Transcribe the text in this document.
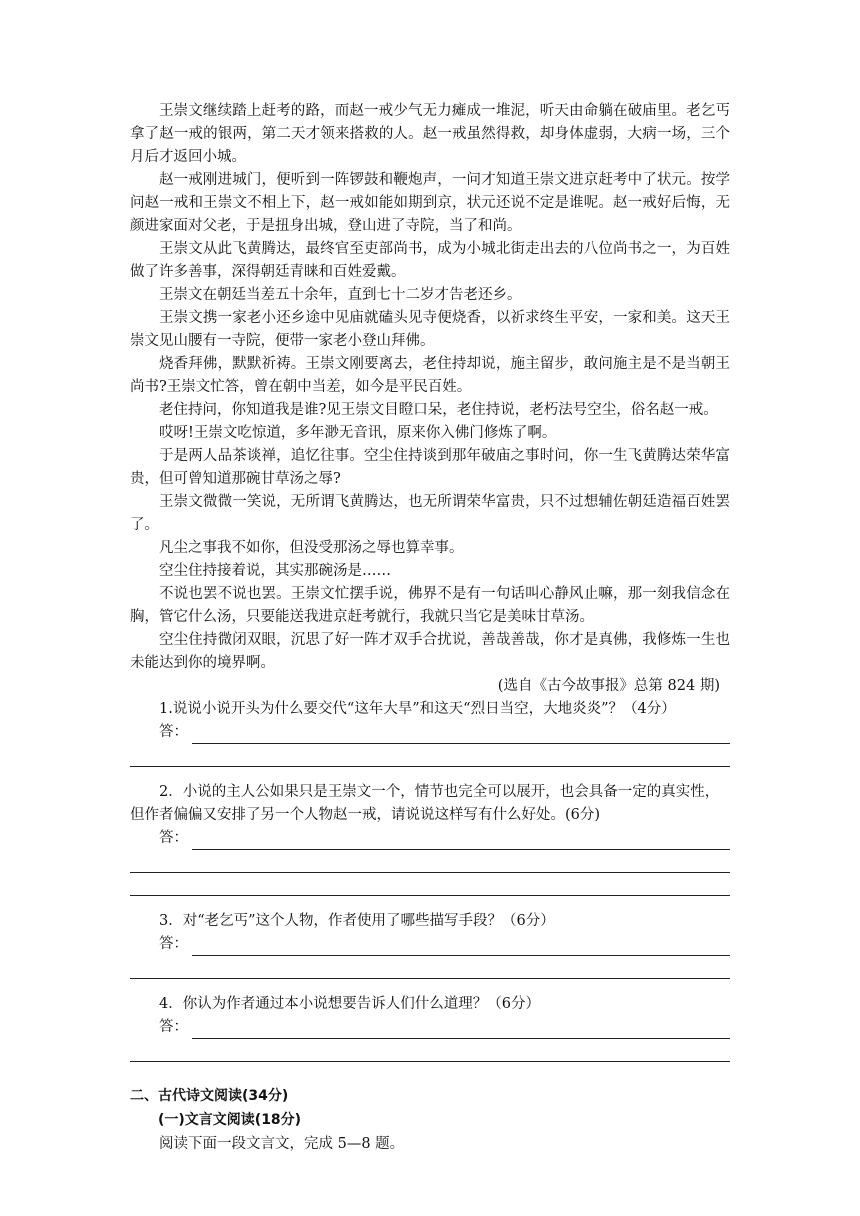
王崇文继续踏上赶考的路，而赵一戒少气无力瘫成一堆泥，听天由命躺在破庙里。老乞丐拿了赵一戒的银两，第二天才领来搭救的人。赵一戒虽然得救，却身体虚弱，大病一场，三个月后才返回小城。

赵一戒刚进城门，便听到一阵锣鼓和鞭炮声，一问才知道王崇文进京赶考中了状元。按学问赵一戒和王崇文不相上下，赵一戒如能如期到京，状元还说不定是谁呢。赵一戒好后悔，无颜进家面对父老，于是扭身出城，登山进了寺院，当了和尚。

王崇文从此飞黄腾达，最终官至吏部尚书，成为小城北街走出去的八位尚书之一，为百姓做了许多善事，深得朝廷青睐和百姓爱戴。

王崇文在朝廷当差五十余年，直到七十二岁才告老还乡。

王崇文携一家老小还乡途中见庙就磕头见寺便烧香，以祈求终生平安，一家和美。这天王崇文见山腰有一寺院，便带一家老小登山拜佛。

烧香拜佛，默默祈祷。王崇文刚要离去，老住持却说，施主留步，敢问施主是不是当朝王尚书?王崇文忙答，曾在朝中当差，如今是平民百姓。

老住持问，你知道我是谁?见王崇文目瞪口呆，老住持说，老朽法号空尘，俗名赵一戒。

哎呀!王崇文吃惊道，多年渺无音讯，原来你入佛门修炼了啊。

于是两人品茶谈禅，追忆往事。空尘住持谈到那年破庙之事时问，你一生飞黄腾达荣华富贵，但可曾知道那碗甘草汤之辱?

王崇文微微一笑说，无所谓飞黄腾达，也无所谓荣华富贵，只不过想辅佐朝廷造福百姓罢了。

凡尘之事我不如你，但没受那汤之辱也算幸事。

空尘住持接着说，其实那碗汤是……

不说也罢不说也罢。王崇文忙摆手说，佛界不是有一句话叫心静风止嘛，那一刻我信念在胸，管它什么汤，只要能送我进京赶考就行，我就只当它是美味甘草汤。

空尘住持微闭双眼，沉思了好一阵才双手合扰说，善哉善哉，你才是真佛，我修炼一生也未能达到你的境界啊。

(选自《古今故事报》总第 824 期)

1.说说小说开头为什么要交代“这年大旱”和这天“烈日当空，大地炎炎”？（4分）

答：

2．小说的主人公如果只是王崇文一个，情节也完全可以展开，也会具备一定的真实性，但作者偏偏又安排了另一个人物赵一戒，请说说这样写有什么好处。(6分)

答：

3．对“老乞丐”这个人物，作者使用了哪些描写手段？（6分）

答：

4．你认为作者通过本小说想要告诉人们什么道理？（6分）

答：

二、古代诗文阅读(34分)

(一)文言文阅读(18分)

阅读下面一段文言文，完成 5—8 题。
